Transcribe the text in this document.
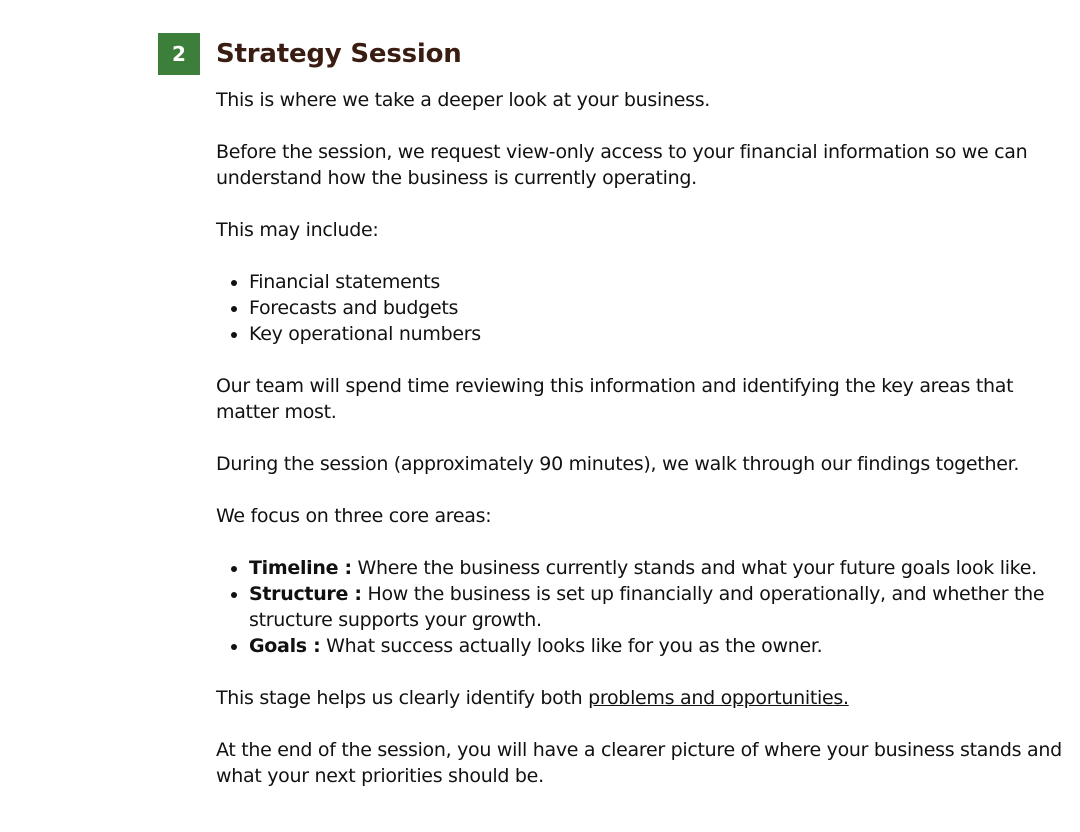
2	Strategy Session

This is where we take a deeper look at your business.

Before the session, we request view-only access to your financial information so we can understand how the business is currently operating.

This may include:

• Financial statements
• Forecasts and budgets
• Key operational numbers

Our team will spend time reviewing this information and identifying the key areas that matter most.

During the session (approximately 90 minutes), we walk through our findings together.

We focus on three core areas:

• Timeline : Where the business currently stands and what your future goals look like.
• Structure : How the business is set up financially and operationally, and whether the structure supports your growth.
• Goals : What success actually looks like for you as the owner.

This stage helps us clearly identify both problems and opportunities.

At the end of the session, you will have a clearer picture of where your business stands and what your next priorities should be.
